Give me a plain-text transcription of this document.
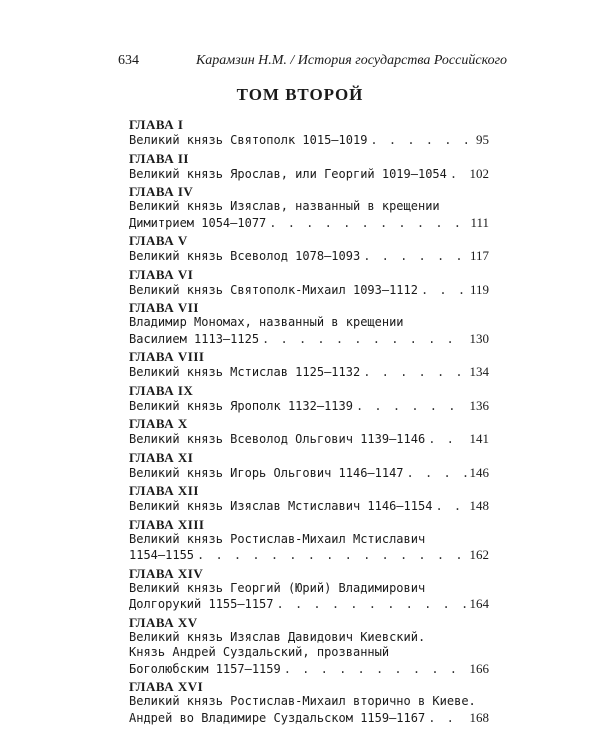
634	Карамзин Н.М. / История государства Российского
ТОМ ВТОРОЙ
ГЛАВА I
Великий князь Святополк 1015—1019 . . .	95
ГЛАВА II
Великий князь Ярослав, или Георгий 1019—1054 . . . 102
ГЛАВА IV
Великий князь Изяслав, названный в крещении
Димитрием 1054—1077 . . .	111
ГЛАВА V
Великий князь Всеволод 1078—1093 . . .	117
ГЛАВА VI
Великий князь Святополк-Михаил 1093—1112 . . .	119
ГЛАВА VII
Владимир Мономах, названный в крещении
Василием 1113—1125 . . .	130
ГЛАВА VIII
Великий князь Мстислав 1125—1132 . . .	134
ГЛАВА IX
Великий князь Ярополк 1132—1139 . . .	136
ГЛАВА X
Великий князь Всеволод Ольгович 1139—1146 . . .	141
ГЛАВА XI
Великий князь Игорь Ольгович 1146—1147 . . .	146
ГЛАВА XII
Великий князь Изяслав Мстиславич 1146—1154 . . .	148
ГЛАВА XIII
Великий князь Ростислав-Михаил Мстиславич
1154—1155 . . .	162
ГЛАВА XIV
Великий князь Георгий (Юрий) Владимирович
Долгорукий 1155—1157 . . .	164
ГЛАВА XV
Великий князь Изяслав Давидович Киевский.
Князь Андрей Суздальский, прозванный
Боголюбским 1157—1159 . . .	166
ГЛАВА XVI
Великий князь Ростислав-Михаил вторично в Киеве.
Андрей во Владимире Суздальском 1159—1167 . . .	168
